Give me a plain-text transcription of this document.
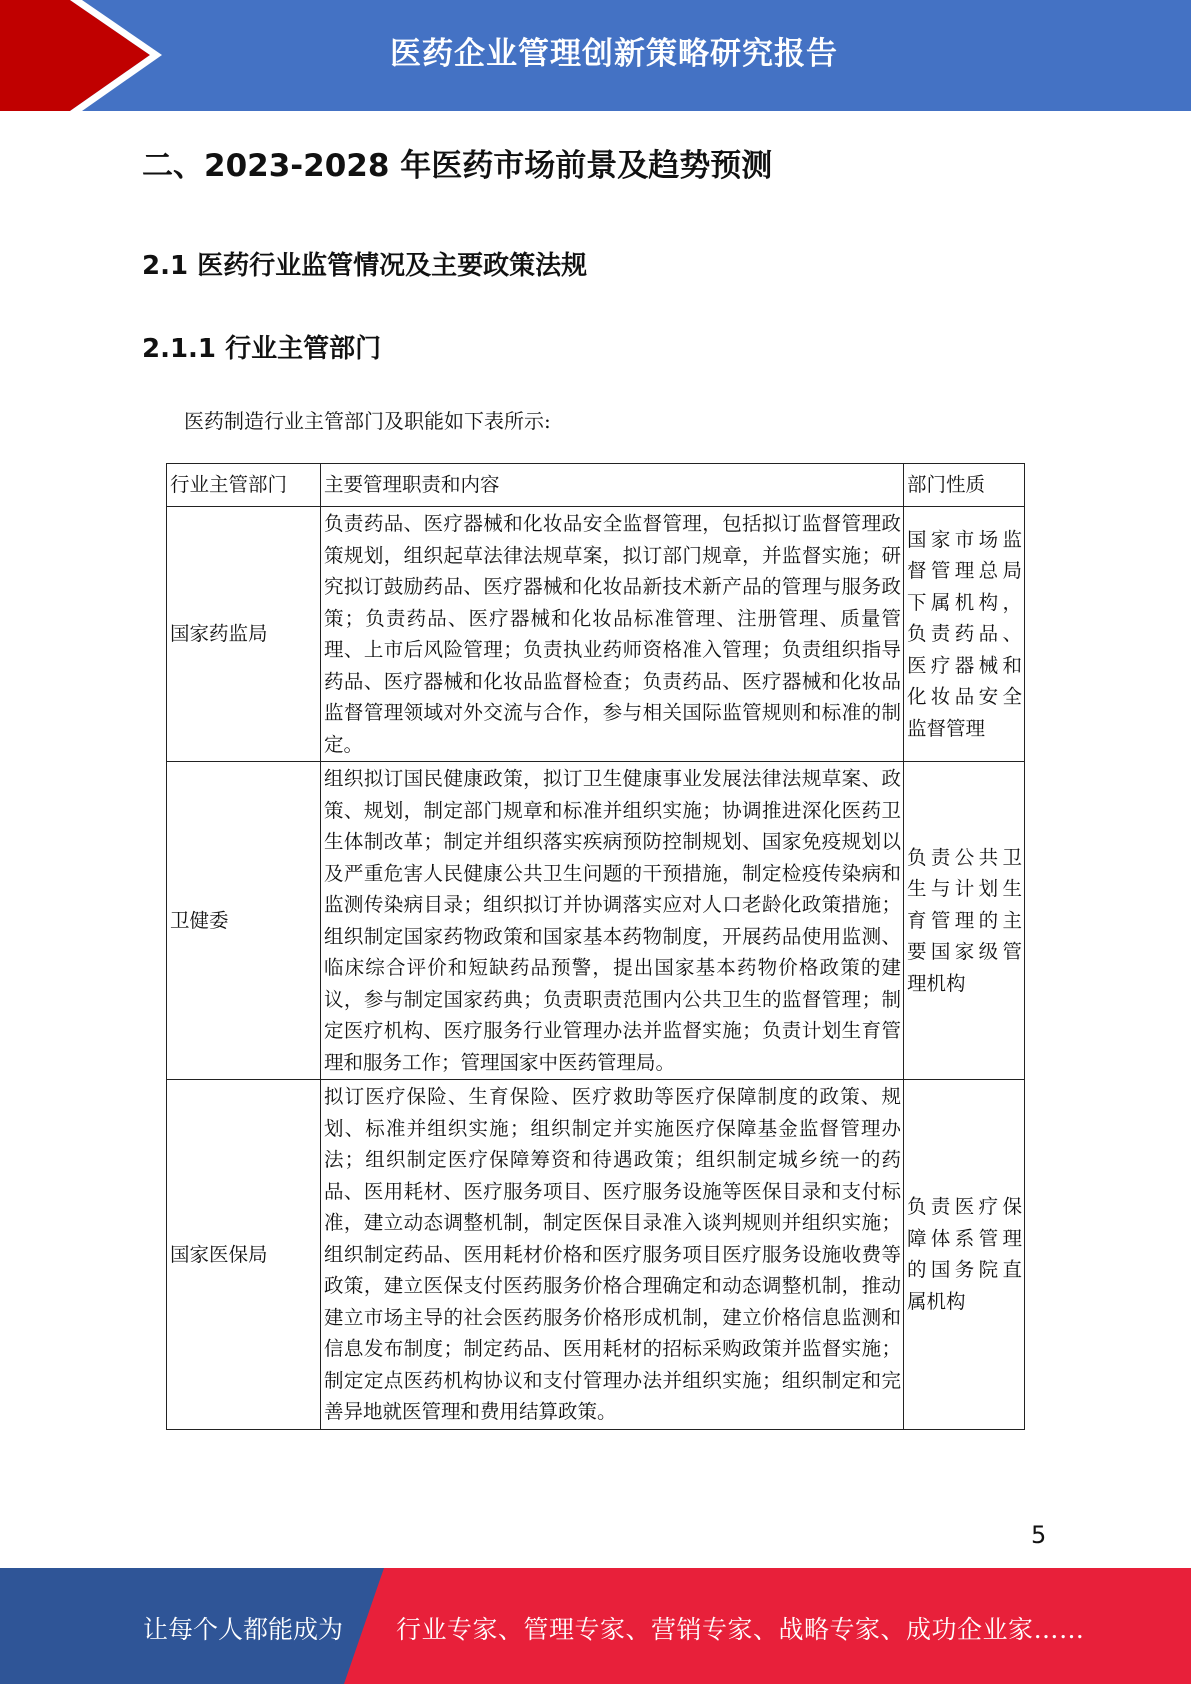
医药企业管理创新策略研究报告
二、2023-2028 年医药市场前景及趋势预测
2.1 医药行业监管情况及主要政策法规
2.1.1 行业主管部门
医药制造行业主管部门及职能如下表所示:
行业主管部门	主要管理职责和内容	部门性质
国家药监局	负责药品、医疗器械和化妆品安全监督管理，包括拟订监督管理政策规划，组织起草法律法规草案，拟订部门规章，并监督实施；研究拟订鼓励药品、医疗器械和化妆品新技术新产品的管理与服务政策；负责药品、医疗器械和化妆品标准管理、注册管理、质量管理、上市后风险管理；负责执业药师资格准入管理；负责组织指导药品、医疗器械和化妆品监督检查；负责药品、医疗器械和化妆品监督管理领域对外交流与合作，参与相关国际监管规则和标准的制定。	国家市场监督管理总局下属机构，负责药品、医疗器械和化妆品安全监督管理
卫健委	组织拟订国民健康政策，拟订卫生健康事业发展法律法规草案、政策、规划，制定部门规章和标准并组织实施；协调推进深化医药卫生体制改革；制定并组织落实疾病预防控制规划、国家免疫规划以及严重危害人民健康公共卫生问题的干预措施，制定检疫传染病和监测传染病目录；组织拟订并协调落实应对人口老龄化政策措施；组织制定国家药物政策和国家基本药物制度，开展药品使用监测、临床综合评价和短缺药品预警，提出国家基本药物价格政策的建议，参与制定国家药典；负责职责范围内公共卫生的监督管理；制定医疗机构、医疗服务行业管理办法并监督实施；负责计划生育管理和服务工作；管理国家中医药管理局。	负责公共卫生与计划生育管理的主要国家级管理机构
国家医保局	拟订医疗保险、生育保险、医疗救助等医疗保障制度的政策、规划、标准并组织实施；组织制定并实施医疗保障基金监督管理办法；组织制定医疗保障筹资和待遇政策；组织制定城乡统一的药品、医用耗材、医疗服务项目、医疗服务设施等医保目录和支付标准，建立动态调整机制，制定医保目录准入谈判规则并组织实施；组织制定药品、医用耗材价格和医疗服务项目医疗服务设施收费等政策，建立医保支付医药服务价格合理确定和动态调整机制，推动建立市场主导的社会医药服务价格形成机制，建立价格信息监测和信息发布制度；制定药品、医用耗材的招标采购政策并监督实施；制定定点医药机构协议和支付管理办法并组织实施；组织制定和完善异地就医管理和费用结算政策。	负责医疗保障体系管理的国务院直属机构
5
让每个人都能成为 行业专家、管理专家、营销专家、战略专家、成功企业家……
